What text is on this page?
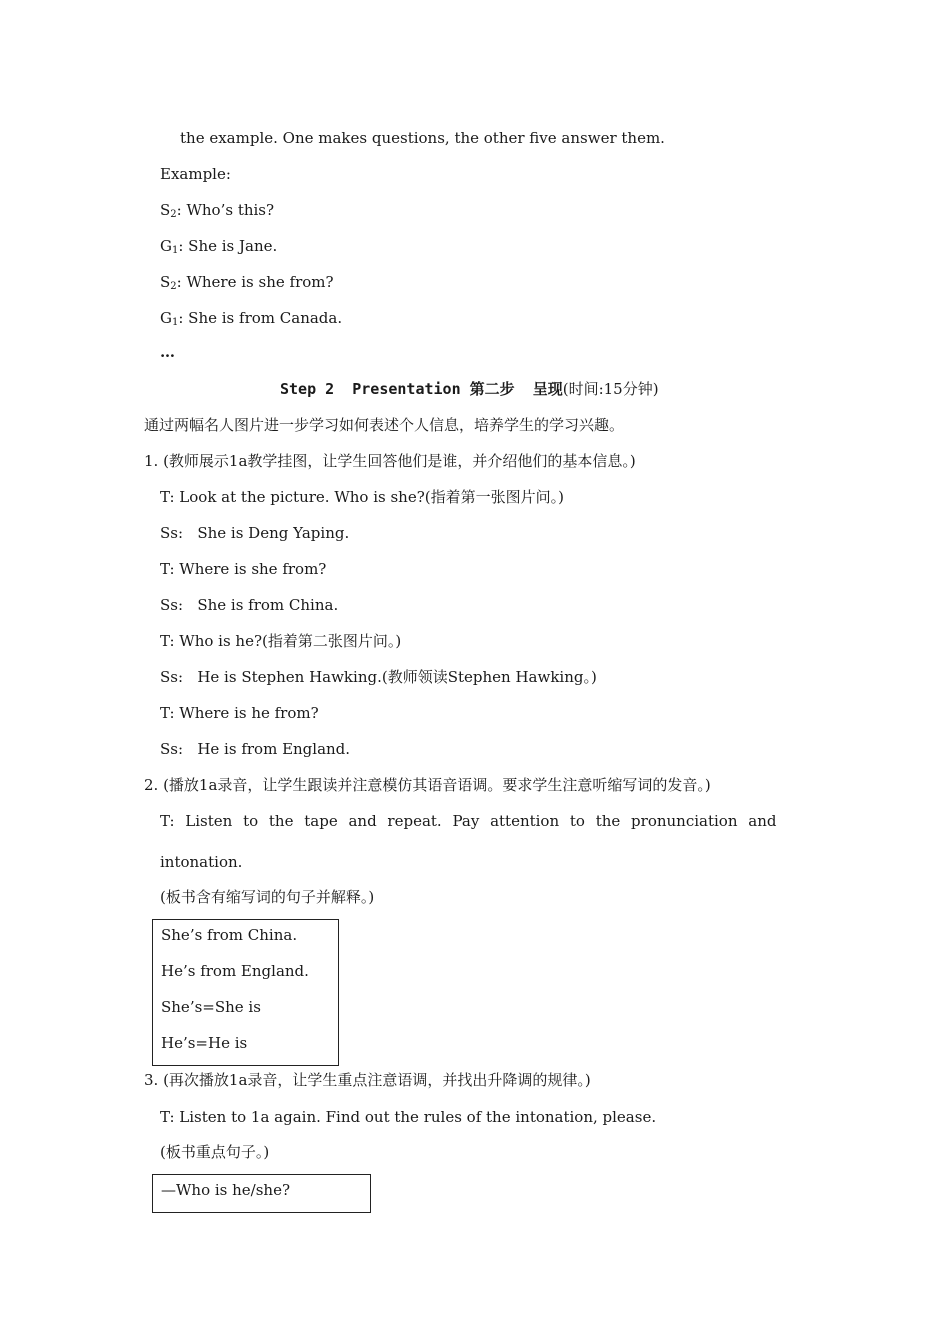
the example. One makes questions, the other five answer them.
Example:
$S_2$: Who’s this?
$G_1$: She is Jane.
$S_2$: Where is she from?
$G_1$: She is from Canada.
…
Step 2  Presentation 第二步  呈现(时间:15分钟)
通过两幅名人图片进一步学习如何表述个人信息，培养学生的学习兴趣。
1. (教师展示1a教学挂图，让学生回答他们是谁，并介绍他们的基本信息。)
T: Look at the picture. Who is she?(指着第一张图片问。)
Ss:   She is Deng Yaping.
T: Where is she from?
Ss:   She is from China.
T: Who is he?(指着第二张图片问。)
Ss:   He is Stephen Hawking.(教师领读Stephen Hawking。)
T: Where is he from?
Ss:   He is from England.
2. (播放1a录音，让学生跟读并注意模仿其语音语调。要求学生注意听缩写词的发音。)
T: Listen to the tape and repeat. Pay attention to the pronunciation and
intonation.
(板书含有缩写词的句子并解释。)
She’s from China.
He’s from England.
She’s=She is
He’s=He is
3. (再次播放1a录音，让学生重点注意语调，并找出升降调的规律。)
T: Listen to 1a again. Find out the rules of the intonation, please.
(板书重点句子。)
—Who is he/she?
